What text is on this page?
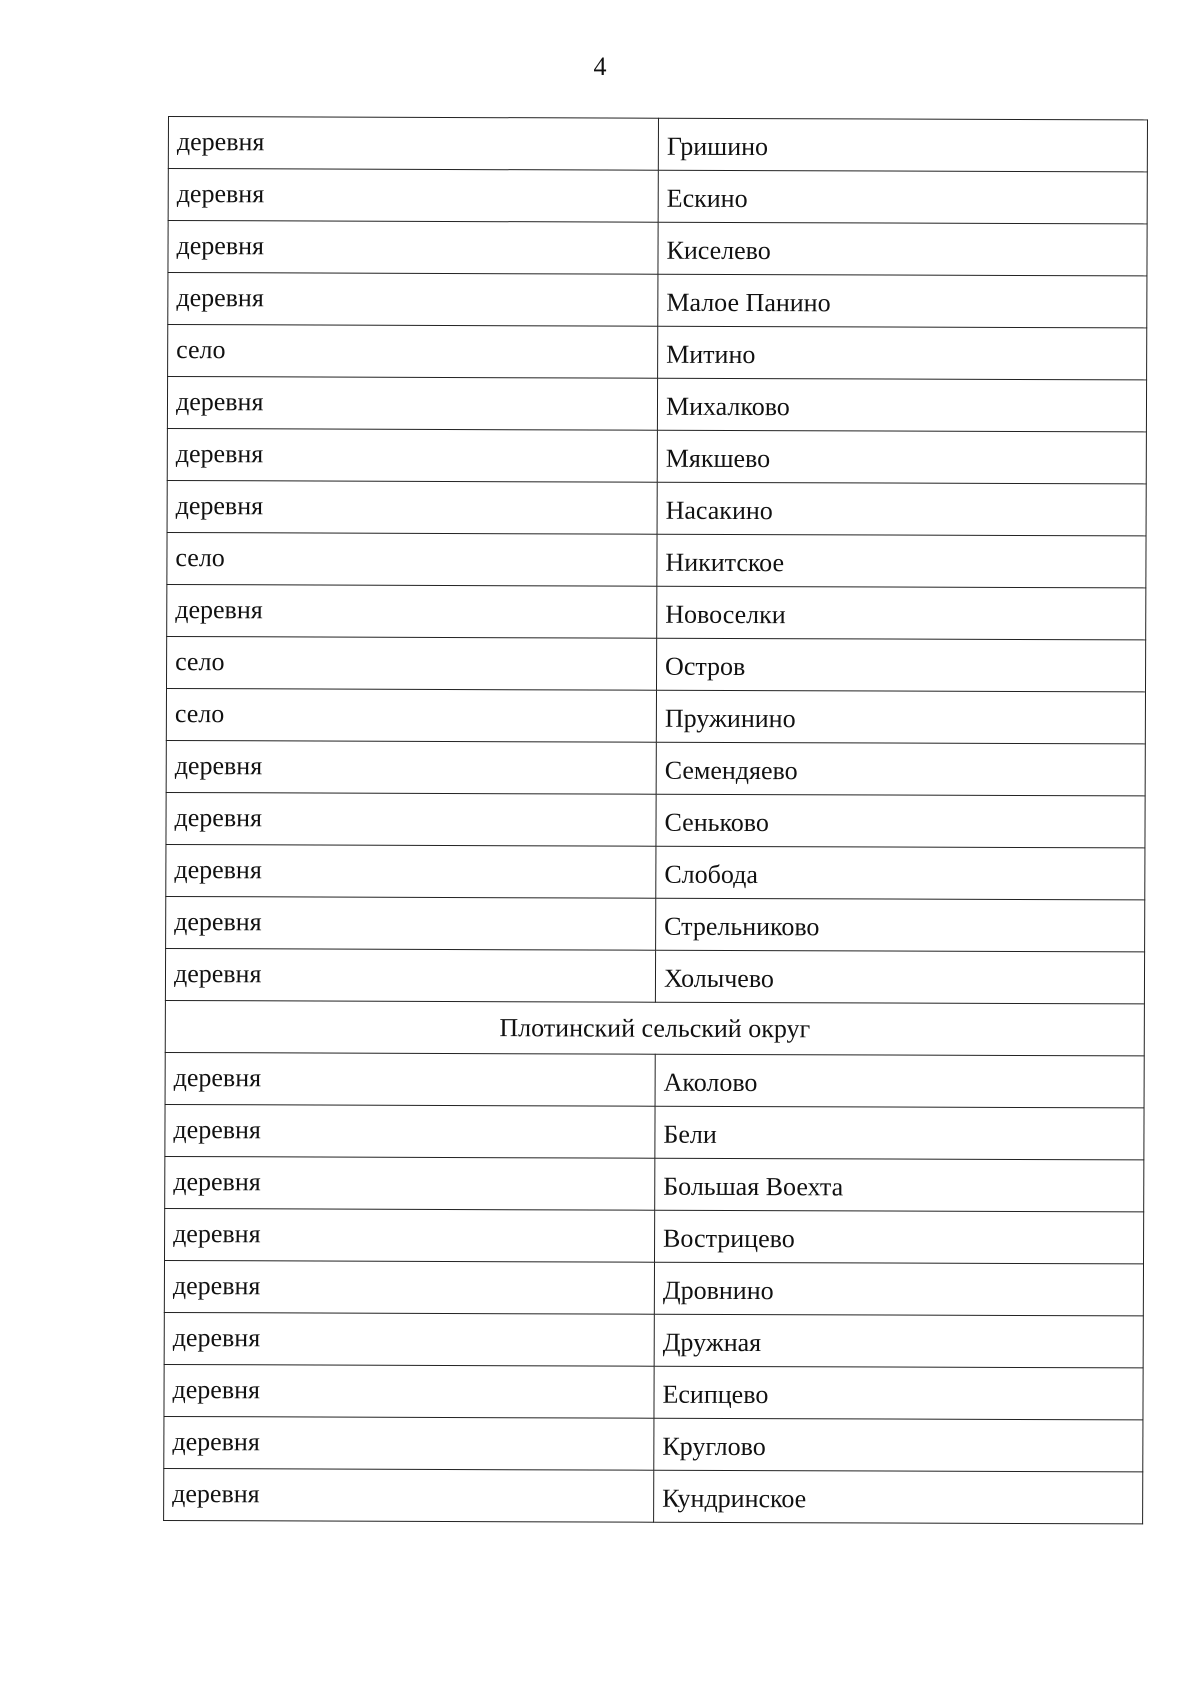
4
деревня	Гришино
деревня	Ескино
деревня	Киселево
деревня	Малое Панино
село	Митино
деревня	Михалково
деревня	Мякшево
деревня	Насакино
село	Никитское
деревня	Новоселки
село	Остров
село	Пружинино
деревня	Семендяево
деревня	Сеньково
деревня	Слобода
деревня	Стрельниково
деревня	Холычево
Плотинский сельский округ	
деревня	Аколово
деревня	Бели
деревня	Большая Воехта
деревня	Вострицево
деревня	Дровнино
деревня	Дружная
деревня	Есипцево
деревня	Круглово
деревня	Кундринское
